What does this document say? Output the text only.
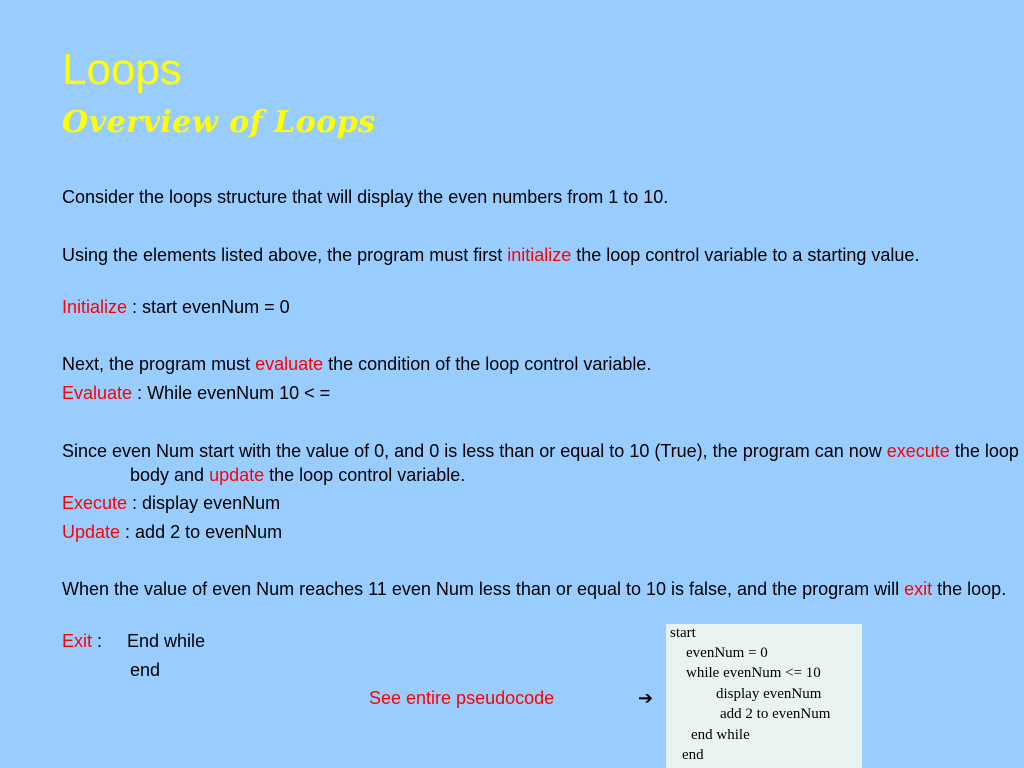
Loops
Overview of Loops
Consider the loops structure that will display the even numbers from 1 to 10.
Using the elements listed above, the program must first initialize the loop control variable to a starting value.
Initialize : start evenNum = 0
Next, the program must evaluate the condition of the loop control variable.
Evaluate : While evenNum 10 < =
Since even Num start with the value of 0, and 0 is less than or equal to 10 (True), the program can now execute the loop body and update the loop control variable.
Execute : display evenNum
Update : add 2 to evenNum
When the value of even Num reaches 11 even Num less than or equal to 10 is false, and the program will exit the loop.
Exit :     End while
end
See entire pseudocode	➔
start
evenNum = 0
while evenNum <= 10
display evenNum
add 2 to evenNum
end while
end
